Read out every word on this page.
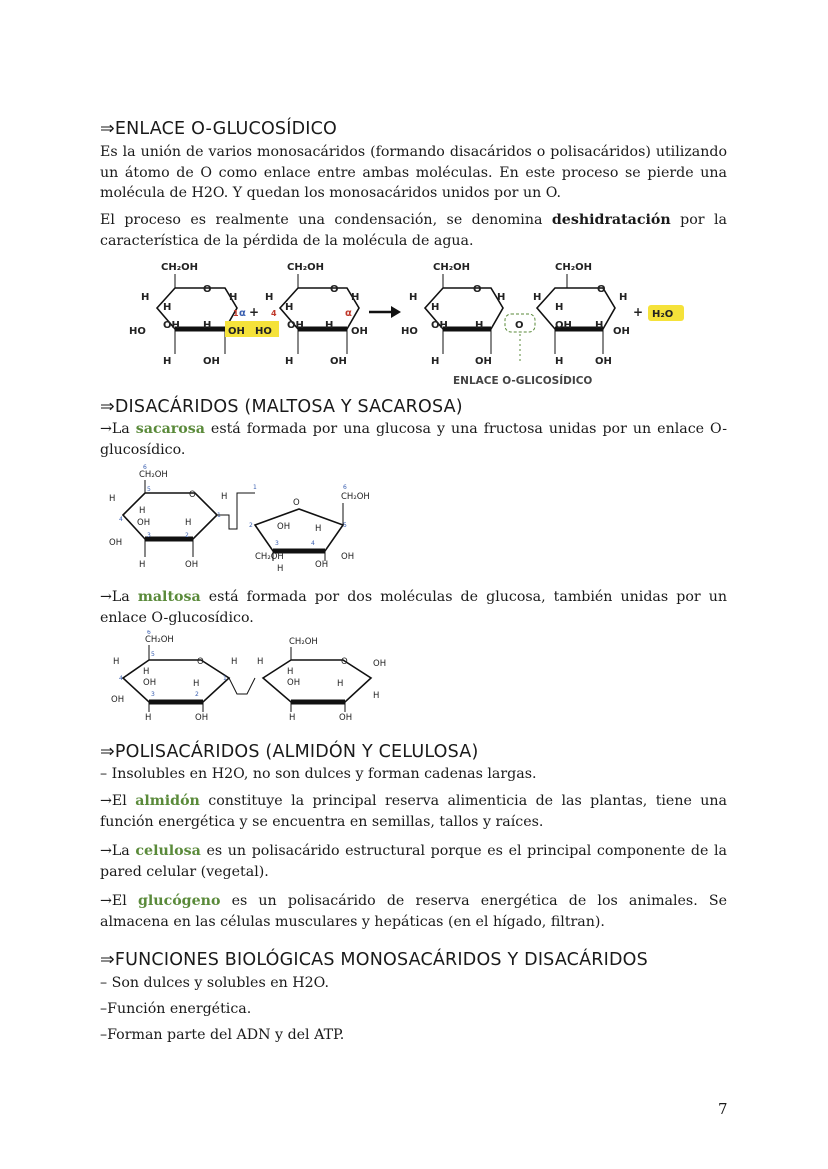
⇒ENLACE O-GLUCOSÍDICO

Es la unión de varios monosacáridos (formando disacáridos o polisacáridos) utilizando un átomo de O como enlace entre ambas moléculas. En este proceso se pierde una molécula de H2O. Y quedan los monosacáridos unidos por un O.

El proceso es realmente una condensación, se denomina deshidratación por la característica de la pérdida de la molécula de agua.

CH₂OH
O
H
H
HO
OH H
H
H	OH
1 α +
OH HO
CH₂OH
O
H
H
4
OH H
H
OH
α
H	OH
CH₂OH
O
H
H
HO
OH	H
H
H	OH
O
CH₂OH
O
H
H
OH H
H
OH
H	OH
+ H₂O
ENLACE O-GLICOSÍDICO
⇒DISACÁRIDOS (MALTOSA Y SACAROSA)

→La sacarosa está formada por una glucosa y una fructosa unidas por un enlace O-glucosídico.

CH₂OH
6
5
O
H
4
H
OH
OH
H
H
1
3	2
H	OH
1
O
2	OH	H	5
4
3
CH₂OH
6
CH₂OH
H	OH
OH

→La maltosa está formada por dos moléculas de glucosa, también unidas por un enlace O-glucosídico.

CH₂OH
6
5
O
H
4
H
OH
OH
H
H
1
3	2
H	OH
CH₂OH
O
H
H
OH	H
OH
H
H	OH
⇒POLISACÁRIDOS (ALMIDÓN Y CELULOSA)

– Insolubles en H2O, no son dulces y forman cadenas largas.

→El almidón constituye la principal reserva alimenticia de las plantas, tiene una función energética y se encuentra en semillas, tallos y raíces.

→La celulosa es un polisacárido estructural porque es el principal componente de la pared celular (vegetal).

→El glucógeno es un polisacárido de reserva energética de los animales. Se almacena en las células musculares y hepáticas (en el hígado, filtran).

⇒FUNCIONES BIOLÓGICAS MONOSACÁRIDOS Y DISACÁRIDOS

– Son dulces y solubles en H2O.

–Función energética.

–Forman parte del ADN y del ATP.

7
